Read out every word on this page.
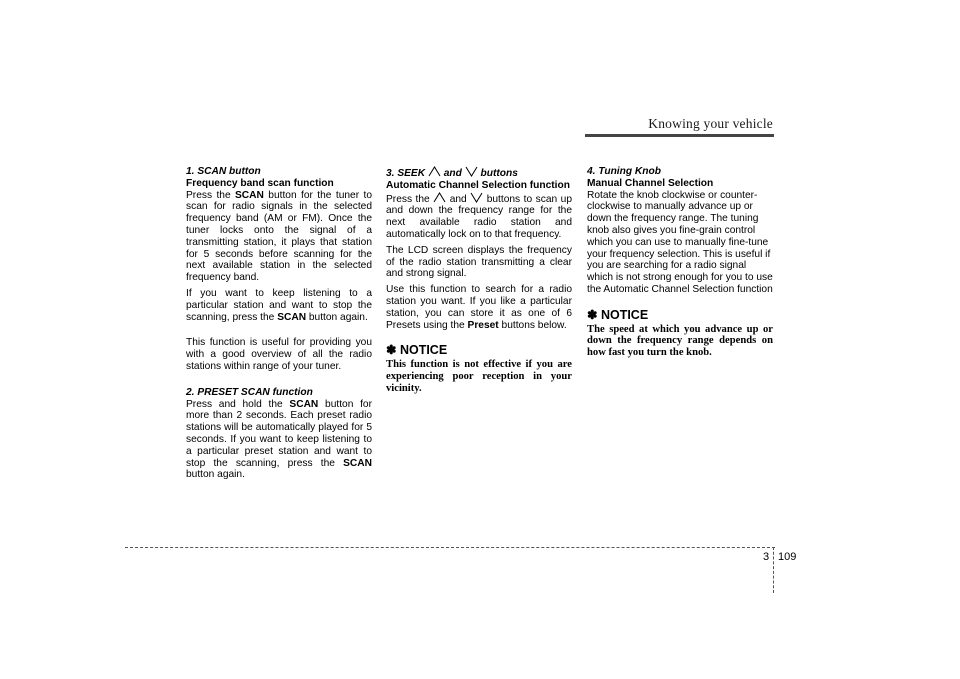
Knowing your vehicle

1. SCAN button

Frequency band scan function

Press the SCAN button for the tuner to scan for radio signals in the selected frequency band (AM or FM). Once the tuner locks onto the signal of a transmitting station, it plays that station for 5 seconds before scanning for the next available station in the selected frequency band.

If you want to keep listening to a particular station and want to stop the scanning, press the SCAN button again.

This function is useful for providing you with a good overview of all the radio stations within range of your tuner.

2. PRESET SCAN function

Press and hold the SCAN button for more than 2 seconds. Each preset radio stations will be automatically played for 5 seconds. If you want to keep listening to a particular preset station and want to stop the scanning, press the SCAN button again.

3. SEEK  and  buttons

Automatic Channel Selection function

Press the  and  buttons to scan up and down the frequency range for the next available radio station and automatically lock on to that frequency.

The LCD screen displays the frequency of the radio station transmitting a clear and strong signal.

Use this function to search for a radio station you want. If you like a particular station, you can store it as one of 6 Presets using the Preset buttons below.

✽ NOTICE

This function is not effective if you are experiencing poor reception in your vicinity.

4. Tuning Knob

Manual Channel Selection

Rotate the knob clockwise or counter-clockwise to manually advance up or down the frequency range. The tuning knob also gives you fine-grain control which you can use to manually fine-tune your frequency selection. This is useful if you are searching for a radio signal which is not strong enough for you to use the Automatic Channel Selection function

✽ NOTICE

The speed at which you advance up or down the frequency range depends on how fast you turn the knob.

3 109
